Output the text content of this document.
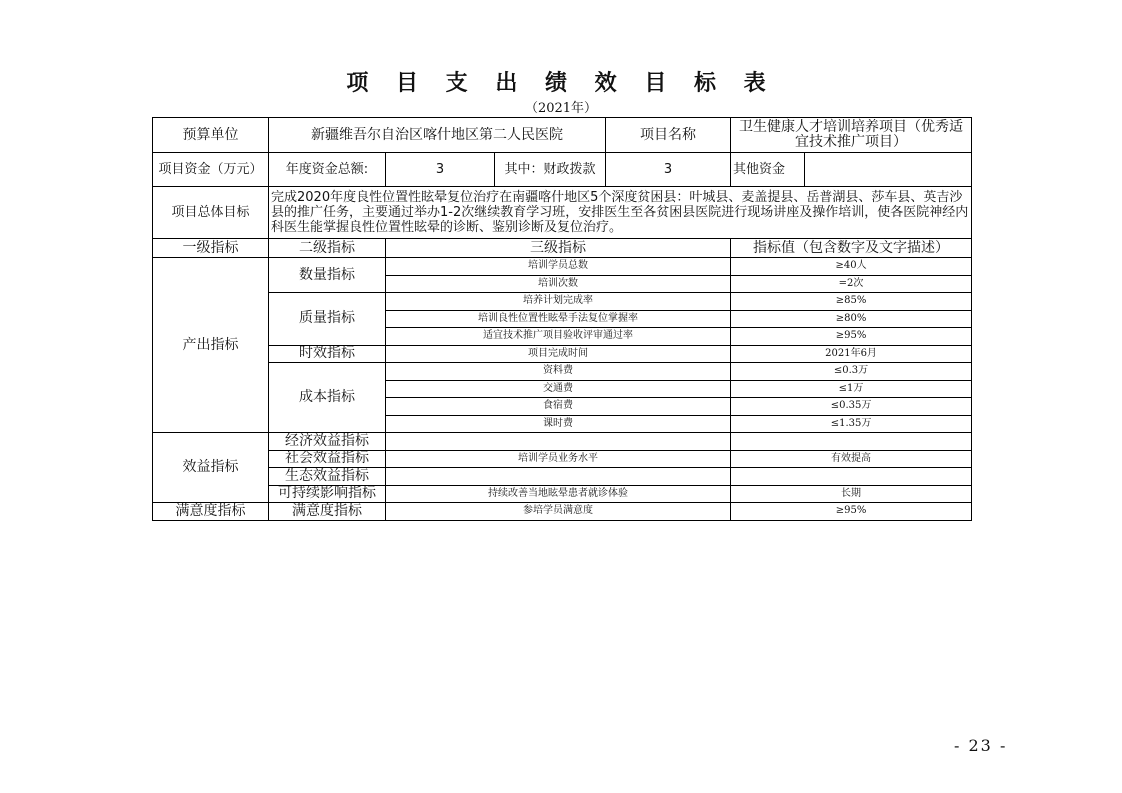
项 目 支 出 绩 效 目 标 表
（2021年）
预算单位	新疆维吾尔自治区喀什地区第二人民医院			项目名称	卫生健康人才培训培养项目（优秀适宜技术推广项目）	
项目资金（万元）	年度资金总额:	3	其中：财政拨款	3	其他资金	
项目总体目标	完成2020年度良性位置性眩晕复位治疗在南疆喀什地区5个深度贫困县：叶城县、麦盖提县、岳普湖县、莎车县、英吉沙县的推广任务，主要通过举办1-2次继续教育学习班，安排医生至各贫困县医院进行现场讲座及操作培训，使各医院神经内科医生能掌握良性位置性眩晕的诊断、鉴别诊断及复位治疗。					
一级指标	二级指标	三级指标			指标值（包含数字及文字描述）	
产出指标	数量指标	培训学员总数			≥40人	
		培训次数			=2次	
	质量指标	培养计划完成率			≥85%	
		培训良性位置性眩晕手法复位掌握率			≥80%	
		适宜技术推广项目验收评审通过率			≥95%	
	时效指标	项目完成时间			2021年6月	
	成本指标	资料费			≤0.3万	
		交通费			≤1万	
		食宿费			≤0.35万	
		课时费			≤1.35万	
效益指标	经济效益指标					
	社会效益指标	培训学员业务水平			有效提高	
	生态效益指标					
	可持续影响指标	持续改善当地眩晕患者就诊体验			长期	
满意度指标	满意度指标	参培学员满意度			≥95%	
- 23 -
